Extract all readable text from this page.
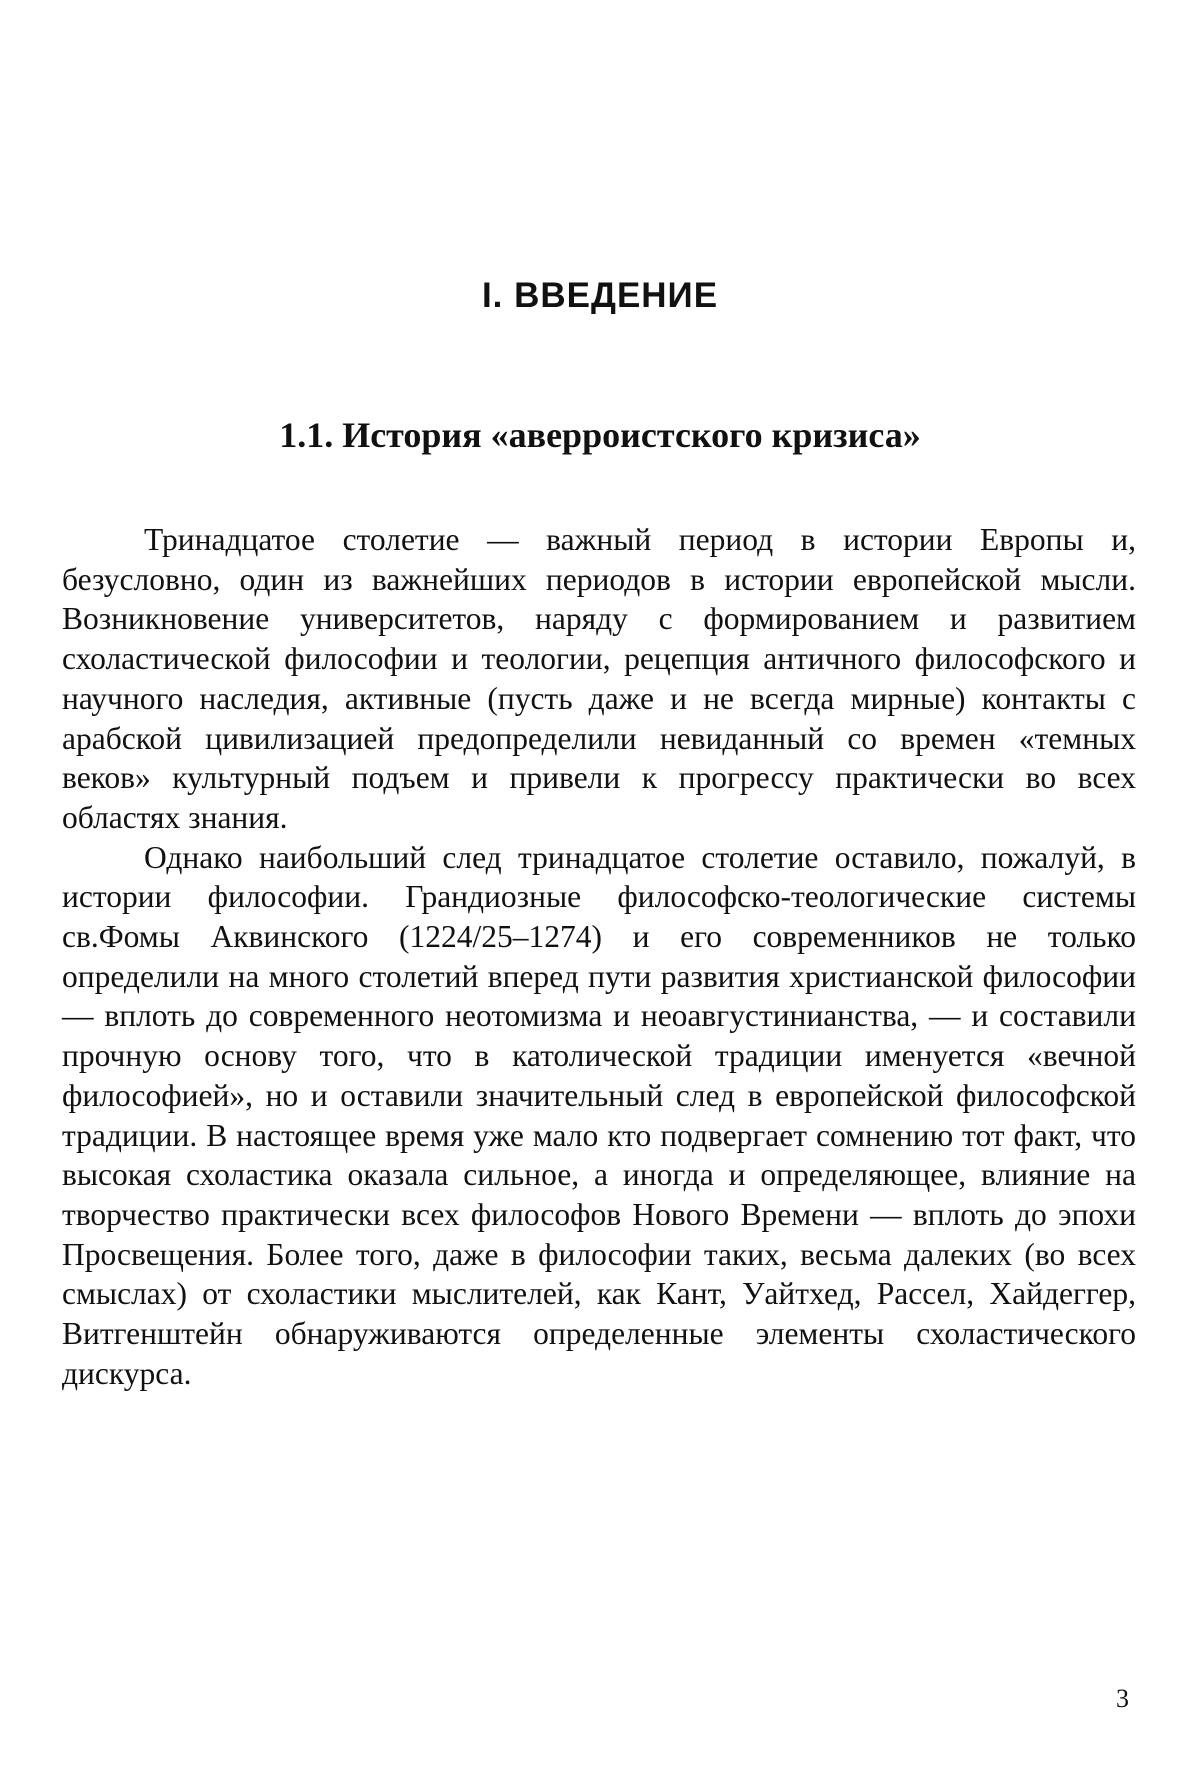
I. ВВЕДЕНИЕ
1.1. История «аверроистского кризиса»

Тринадцатое столетие — важный период в истории Европы и, безусловно, один из важнейших периодов в истории европейской мысли. Возникновение университетов, наряду с формированием и развитием схоластической философии и теологии, рецепция античного философского и научного наследия, активные (пусть даже и не всегда мирные) контакты с арабской цивилизацией предопределили невиданный со времен «темных веков» культурный подъем и привели к прогрессу практически во всех областях знания.

Однако наибольший след тринадцатое столетие оставило, пожалуй, в истории философии. Грандиозные философско-теологические системы св.Фомы Аквинского (1224/25–1274) и его современников не только определили на много столетий вперед пути развития христианской философии — вплоть до современного неотомизма и неоавгустинианства, — и составили прочную основу того, что в католической традиции именуется «вечной философией», но и оставили значительный след в европейской философской традиции. В настоящее время уже мало кто подвергает сомнению тот факт, что высокая схоластика оказала сильное, а иногда и определяющее, влияние на творчество практически всех философов Нового Времени — вплоть до эпохи Просвещения. Более того, даже в философии таких, весьма далеких (во всех смыслах) от схоластики мыслителей, как Кант, Уайтхед, Рассел, Хайдеггер, Витгенштейн обнаруживаются определенные элементы схоластического дискурса.

3
